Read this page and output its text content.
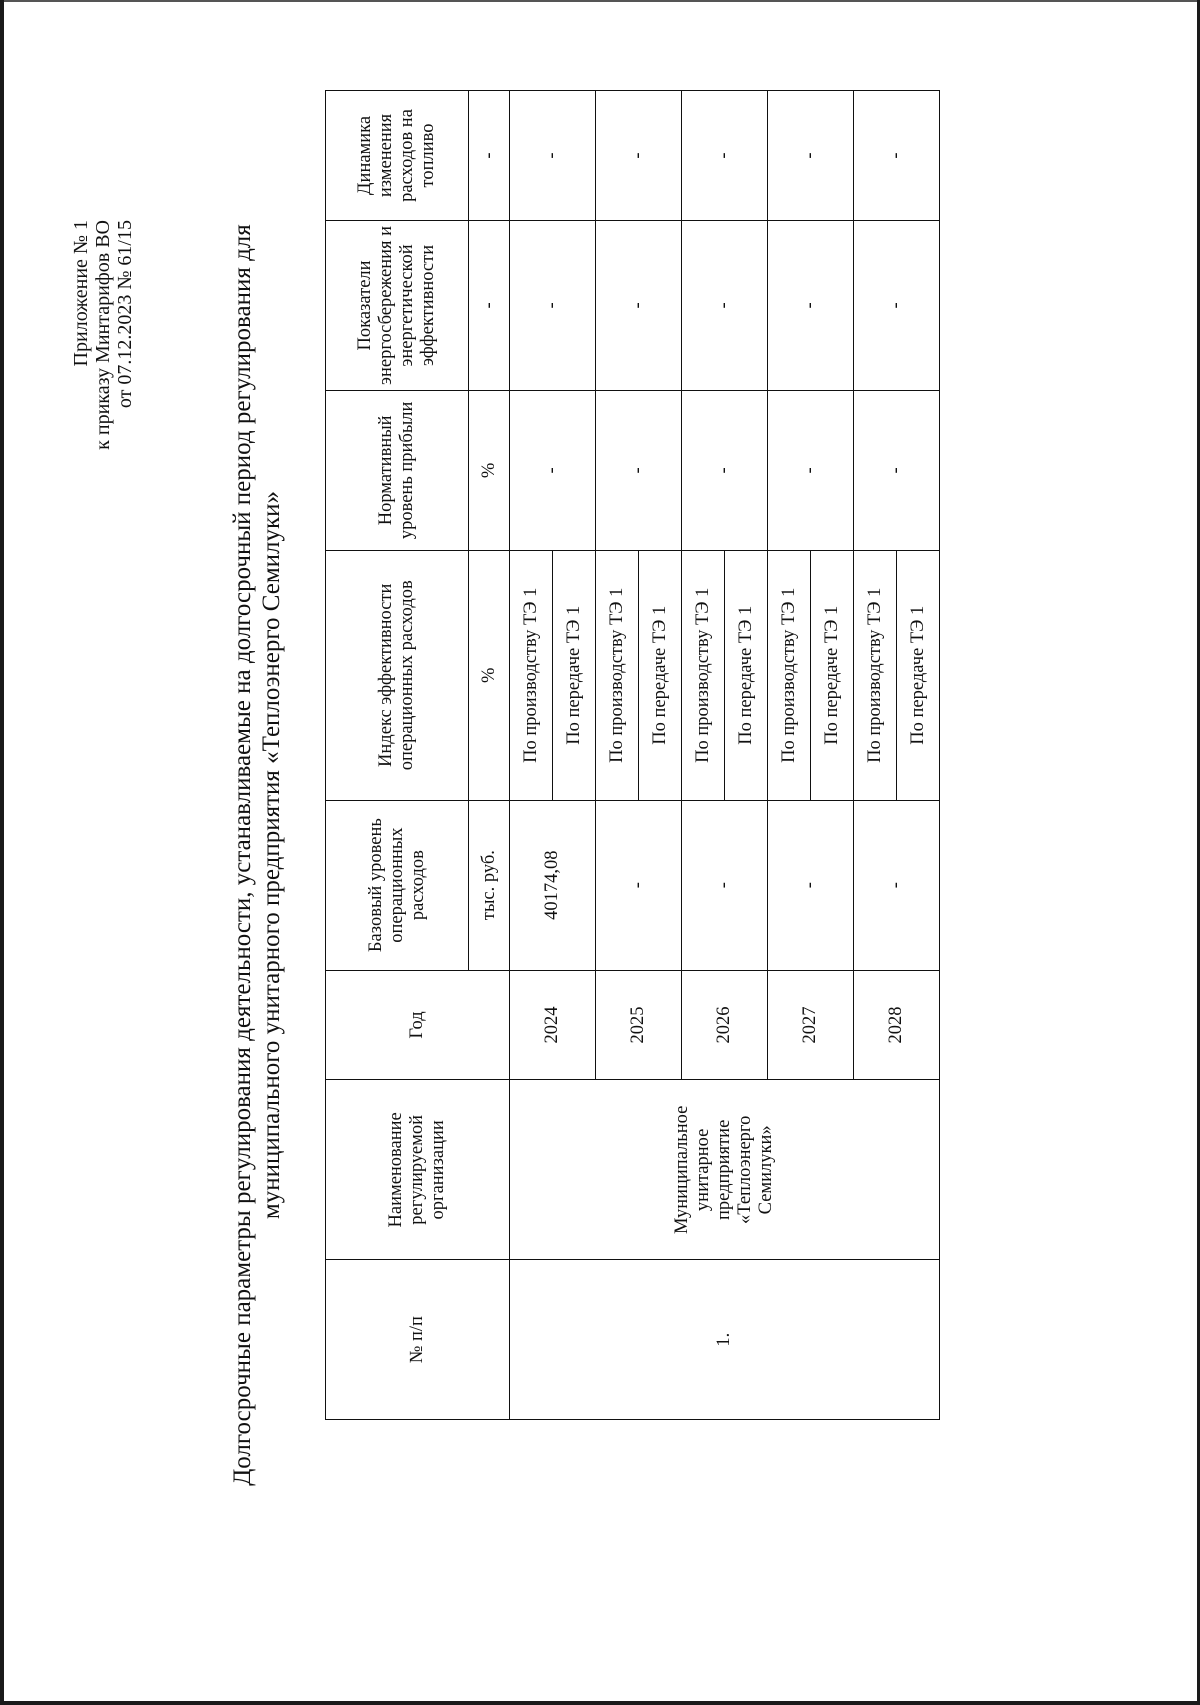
Приложение № 1 к приказу Минтарифов ВО от 07.12.2023 № 61/15	Долгосрочные параметры регулирования деятельности, устанавливаемые на долгосрочный период регулирования для муниципального унитарного предприятия «Теплоэнерго Семилуки»
№ п/п	Наименование регулируемой организации	Год	Базовый уровень операционных расходов	Индекс эффективности операционных расходов	Нормативный уровень прибыли	Показатели энергосбережения и энергетической эффективности	Динамика изменения расходов на топливо
			тыс. руб.	%	%	-	-
1.	Муниципальное унитарное предприятие «Теплоэнерго Семилуки»	2024	40174,08	По производству ТЭ 1	-	-	-
				По передаче ТЭ 1			
		2025	-	По производству ТЭ 1	-	-	-
				По передаче ТЭ 1			
		2026	-	По производству ТЭ 1	-	-	-
				По передаче ТЭ 1			
		2027	-	По производству ТЭ 1	-	-	-
				По передаче ТЭ 1			
		2028	-	По производству ТЭ 1	-	-	-
				По передаче ТЭ 1			
